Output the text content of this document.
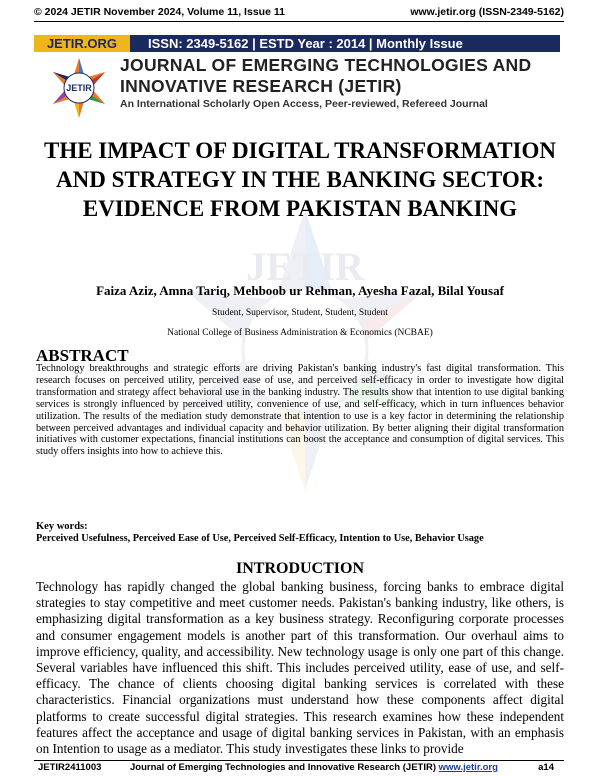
© 2024 JETIR November 2024, Volume 11, Issue 11	www.jetir.org (ISSN-2349-5162)
JETIR.ORG	ISSN: 2349-5162 | ESTD Year : 2014 | Monthly Issue
JETIR
JOURNAL OF EMERGING TECHNOLOGIES AND
INNOVATIVE RESEARCH (JETIR)
An International Scholarly Open Access, Peer-reviewed, Refereed Journal
JETIR
THE IMPACT OF DIGITAL TRANSFORMATION AND STRATEGY IN THE BANKING SECTOR: EVIDENCE FROM PAKISTAN BANKING
Faiza Aziz, Amna Tariq, Mehboob ur Rehman, Ayesha Fazal, Bilal Yousaf
Student, Supervisor, Student, Student, Student
National College of Business Administration & Economics (NCBAE)
ABSTRACT
Technology breakthroughs and strategic efforts are driving Pakistan's banking industry's fast digital transformation. This research focuses on perceived utility, perceived ease of use, and perceived self-efficacy in order to investigate how digital transformation and strategy affect behavioral use in the banking industry. The results show that intention to use digital banking services is strongly influenced by perceived utility, convenience of use, and self-efficacy, which in turn influences behavior utilization. The results of the mediation study demonstrate that intention to use is a key factor in determining the relationship between perceived advantages and individual capacity and behavior utilization. By better aligning their digital transformation initiatives with customer expectations, financial institutions can boost the acceptance and consumption of digital services. This study offers insights into how to achieve this.
Key words:
Perceived Usefulness, Perceived Ease of Use, Perceived Self-Efficacy, Intention to Use, Behavior Usage
INTRODUCTION
Technology has rapidly changed the global banking business, forcing banks to embrace digital strategies to stay competitive and meet customer needs. Pakistan's banking industry, like others, is emphasizing digital transformation as a key business strategy. Reconfiguring corporate processes and consumer engagement models is another part of this transformation. Our overhaul aims to improve efficiency, quality, and accessibility. New technology usage is only one part of this change. Several variables have influenced this shift. This includes perceived utility, ease of use, and self-efficacy. The chance of clients choosing digital banking services is correlated with these characteristics. Financial organizations must understand how these components affect digital platforms to create successful digital strategies. This research examines how these independent features affect the acceptance and usage of digital banking services in Pakistan, with an emphasis on Intention to usage as a mediator. This study investigates these links to provide
JETIR2411003	Journal of Emerging Technologies and Innovative Research (JETIR) www.jetir.org	a14
